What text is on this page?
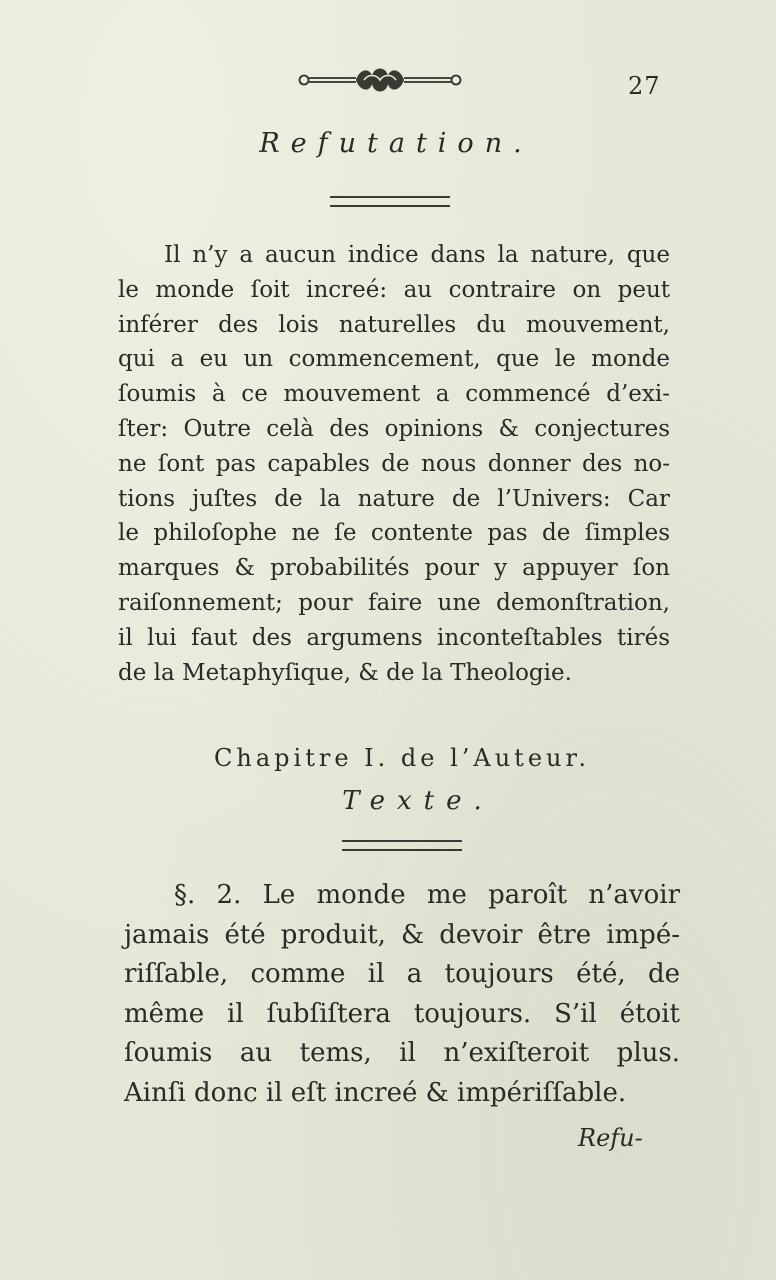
27
Refutation.
Il n’y a aucun indice dans la nature, que
le monde ſoit increé: au contraire on peut
inférer des lois naturelles du mouvement,
qui a eu un commencement, que le monde
ſoumis à ce mouvement a commencé d’exi-
ſter: Outre celà des opinions & conjectures
ne ſont pas capables de nous donner des no-
tions juſtes de la nature de l’Univers: Car
le philoſophe ne ſe contente pas de ſimples
marques & probabilités pour y appuyer ſon
raiſonnement; pour faire une demonſtration,
il lui faut des argumens inconteſtables tirés
de la Metaphyſique, & de la Theologie.
Chapitre I. de l’Auteur.
Texte.
§. 2. Le monde me paroît n’avoir
jamais été produit, & devoir être impé-
riſſable, comme il a toujours été, de
même il ſubſiſtera toujours. S’il étoit
ſoumis au tems, il n’exiſteroit plus.
Ainſi donc il eſt increé & impériſſable.
Refu-
